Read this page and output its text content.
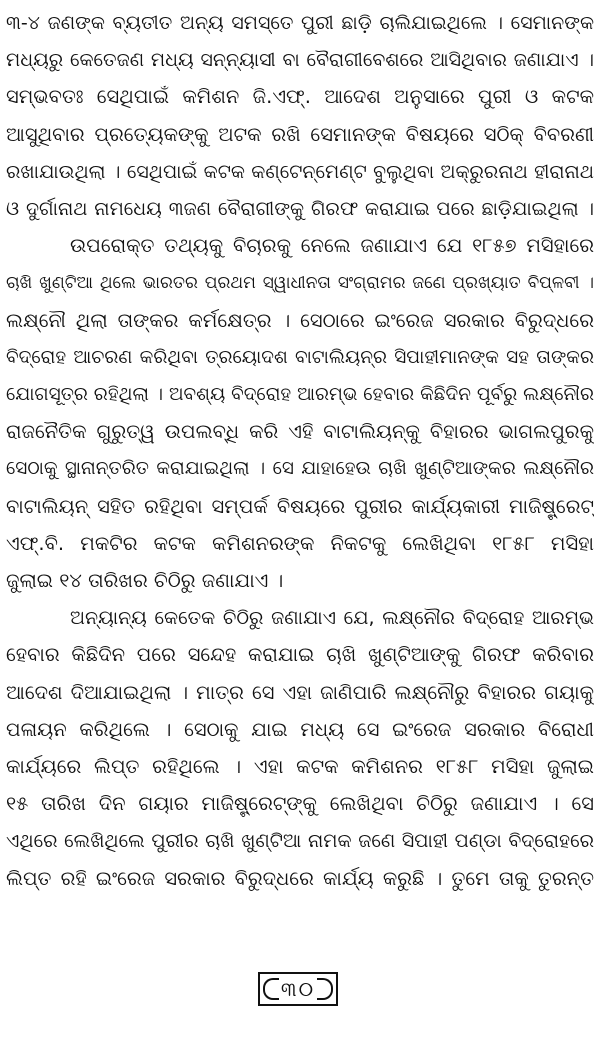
୩-୪ ଜଣଙ୍କ ବ୍ୟତୀତ ଅନ୍ୟ ସମସ୍ତେ ପୁରୀ ଛାଡ଼ି ଚାଲିଯାଇଥିଲେ । ସେମାନଙ୍କ
ମଧ୍ୟରୁ କେତେଜଣ ମଧ୍ୟ ସନ୍ନ୍ୟାସୀ ବା ବୈରାଗୀବେଶରେ ଆସିଥିବାର ଜଣାଯାଏ ।
ସମ୍ଭବତଃ ସେଥିପାଇଁ କମିଶନ ଜି.ଏଫ୍. ଆଦେଶ ଅନୁସାରେ ପୁରୀ ଓ କଟକ
ଆସୁଥିବାର ପ୍ରତ୍ୟେକଙ୍କୁ ଅଟକ ରଖି ସେମାନଙ୍କ ବିଷୟରେ ସଠିକ୍ ବିବରଣୀ
ରଖାଯାଉଥିଲା । ସେଥିପାଇଁ କଟକ କଣ୍ଟେନ୍ମେଣ୍ଟ ବୁଲୁଥିବା ଅକ୍ରୁରନାଥ ହୀରାନାଥ
ଓ ଦୁର୍ଗାନାଥ ନାମଧେୟ ୩ଜଣ ବୈରାଗୀଙ୍କୁ ଗିରଫ କରାଯାଇ ପରେ ଛାଡ଼ିଯାଇଥିଲା ।
ଉପରୋକ୍ତ ତଥ୍ୟକୁ ବିଚାରକୁ ନେଲେ ଜଣାଯାଏ ଯେ ୧୮୫୭ ମସିହାରେ
ଚାଖି ଖୁଣ୍ଟିଆ ଥିଲେ ଭାରତର ପ୍ରଥମ ସ୍ୱାଧୀନତା ସଂଗ୍ରାମର ଜଣେ ପ୍ରଖ୍ୟାତ ବିପ୍ଳବୀ ।
ଲକ୍ଷ୍ନୌ ଥିଲା ତାଙ୍କର କର୍ମକ୍ଷେତ୍ର । ସେଠାରେ ଇଂରେଜ ସରକାର ବିରୁଦ୍ଧରେ
ବିଦ୍ରୋହ ଆଚରଣ କରିଥିବା ତ୍ରୟୋଦଶ ବାଟାଲିୟନ୍‌ର ସିପାହୀମାନଙ୍କ ସହ ତାଙ୍କର
ଯୋଗସୂତ୍ର ରହିଥିଲା । ଅବଶ୍ୟ ବିଦ୍ରୋହ ଆରମ୍ଭ ହେବାର କିଛିଦିନ ପୂର୍ବରୁ ଲକ୍ଷ୍ନୌର
ରାଜନୈତିକ ଗୁରୁତ୍ୱ ଉପଲବ୍ଧି କରି ଏହି ବାଟାଲିୟନ୍‌କୁ ବିହାରର ଭାଗଲପୁରକୁ
ସେଠାକୁ ସ୍ଥାନାନ୍ତରିତ କରାଯାଇଥିଲା । ସେ ଯାହାହେଉ ଚାଖି ଖୁଣ୍ଟିଆଙ୍କର ଲକ୍ଷ୍ନୌର
ବାଟାଲିୟନ୍ ସହିତ ରହିଥିବା ସମ୍ପର୍କ ବିଷୟରେ ପୁରୀର କାର୍ଯ୍ୟକାରୀ ମାଜିଷ୍ଟ୍ରେଟ୍
ଏଫ୍.ବି. ମକଟିର କଟକ କମିଶନରଙ୍କ ନିକଟକୁ ଲେଖିଥିବା ୧୮୫୮ ମସିହା
ଜୁଲାଇ ୧୪ ତାରିଖର ଚିଠିରୁ ଜଣାଯାଏ ।
ଅନ୍ୟାନ୍ୟ କେତେକ ଚିଠିରୁ ଜଣାଯାଏ ଯେ, ଲକ୍ଷ୍ନୌର ବିଦ୍ରୋହ ଆରମ୍ଭ
ହେବାର କିଛିଦିନ ପରେ ସନ୍ଦେହ କରାଯାଇ ଚାଖି ଖୁଣ୍ଟିଆଙ୍କୁ ଗିରଫ କରିବାର
ଆଦେଶ ଦିଆଯାଇଥିଲା । ମାତ୍ର ସେ ଏହା ଜାଣିପାରି ଲକ୍ଷ୍ନୌରୁ ବିହାରର ଗୟାକୁ
ପଳାୟନ କରିଥିଲେ । ସେଠାକୁ ଯାଇ ମଧ୍ୟ ସେ ଇଂରେଜ ସରକାର ବିରୋଧୀ
କାର୍ଯ୍ୟରେ ଲିପ୍ତ ରହିଥିଲେ । ଏହା କଟକ କମିଶନର ୧୮୫୮ ମସିହା ଜୁଲାଇ
୧୫ ତାରିଖ ଦିନ ଗୟାର ମାଜିଷ୍ଟ୍ରେଟ୍‌ଙ୍କୁ ଲେଖିଥିବା ଚିଠିରୁ ଜଣାଯାଏ । ସେ
ଏଥିରେ ଲେଖିଥିଲେ ପୁରୀର ଚାଖି ଖୁଣ୍ଟିଆ ନାମକ ଜଣେ ସିପାହୀ ପଣ୍ଡା ବିଦ୍ରୋହରେ
ଲିପ୍ତ ରହି ଇଂରେଜ ସରକାର ବିରୁଦ୍ଧରେ କାର୍ଯ୍ୟ କରୁଛି । ତୁମେ ତାକୁ ତୁରନ୍ତ
୩୦
